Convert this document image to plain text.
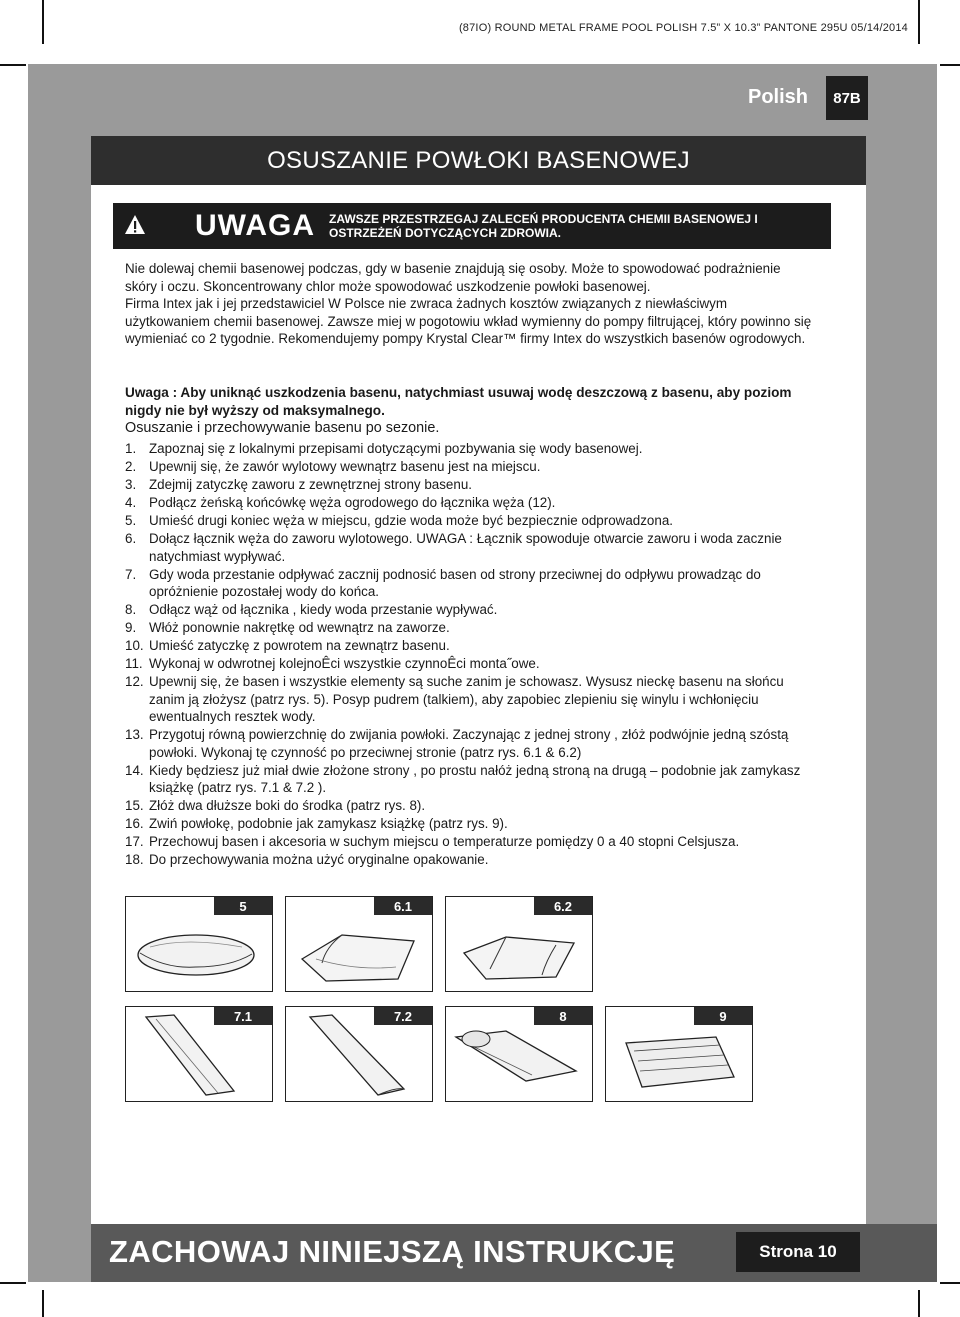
(87IO) ROUND METAL FRAME POOL POLISH 7.5” X 10.3” PANTONE 295U 05/14/2014
Polish	87B
OSUSZANIE POWŁOKI BASENOWEJ
UWAGA ZAWSZE PRZESTRZEGAJ ZALECEŃ PRODUCENTA CHEMII BASENOWEJ I OSTRZEŻEŃ DOTYCZĄCYCH ZDROWIA.

Nie dolewaj chemii basenowej podczas, gdy w basenie znajdują się osoby. Może to spowodować podrażnienie skóry i oczu. Skoncentrowany chlor może spowodować uszkodzenie powłoki basenowej.

Firma Intex jak i jej przedstawiciel W Polsce nie zwraca żadnych kosztów związanych z niewłaściwym użytkowaniem chemii basenowej. Zawsze miej w pogotowiu wkład wymienny do pompy filtrującej, który powinno się wymieniać co 2 tygodnie. Rekomendujemy pompy Krystal Clear™ firmy Intex do wszystkich basenów ogrodowych.

Uwaga : Aby uniknąć uszkodzenia basenu, natychmiast usuwaj wodę deszczową z basenu, aby poziom nigdy nie był wyższy od maksymalnego.
Osuszanie i przechowywanie basenu po sezonie.
1. Zapoznaj się z lokalnymi przepisami dotyczącymi pozbywania się wody basenowej.
2. Upewnij się, że zawór wylotowy wewnątrz basenu jest na miejscu.
3. Zdejmij zatyczkę zaworu z zewnętrznej strony basenu.
4. Podłącz żeńską końcówkę węża ogrodowego do łącznika węża (12).
5. Umieść drugi koniec węża w miejscu, gdzie woda może być bezpiecznie odprowadzona.
6. Dołącz łącznik węża do zaworu wylotowego. UWAGA : Łącznik spowoduje otwarcie zaworu i woda zacznie natychmiast wypływać.
7. Gdy woda przestanie odpływać zacznij podnosić basen od strony przeciwnej do odpływu prowadząc do opróżnienie pozostałej wody do końca.
8. Odłącz wąż od łącznika , kiedy woda przestanie wypływać.
9. Włóż ponownie nakrętkę od wewnątrz na zaworze.
10. Umieść zatyczkę z powrotem na zewnątrz basenu.
11. Wykonaj w odwrotnej kolejnoÊci wszystkie czynnoÊci monta˝owe.
12. Upewnij się, że basen i wszystkie elementy są suche zanim je schowasz. Wysusz nieckę basenu na słońcu zanim ją złożysz (patrz rys. 5). Posyp pudrem (talkiem), aby zapobiec zlepieniu się winylu i wchłonięciu ewentualnych resztek wody.
13. Przygotuj równą powierzchnię do zwijania powłoki. Zaczynając z jednej strony , złóż podwójnie jedną szóstą powłoki. Wykonaj tę czynność po przeciwnej stronie (patrz rys. 6.1 & 6.2)
14. Kiedy będziesz już miał dwie złożone strony , po prostu nałóż jedną stroną na drugą – podobnie jak zamykasz książkę (patrz rys. 7.1 & 7.2 ).
15. Złóż dwa dłuższe boki do środka (patrz rys. 8).
16. Zwiń powłokę, podobnie jak zamykasz książkę (patrz rys. 9).
17. Przechowuj basen i akcesoria w suchym miejscu o temperaturze pomiędzy 0 a 40 stopni Celsjusza.
18. Do przechowywania można użyć oryginalne opakowanie.
5	6.1	6.2
7.1	7.2	8	9
ZACHOWAJ NINIEJSZĄ INSTRUKCJĘ	Strona 10
